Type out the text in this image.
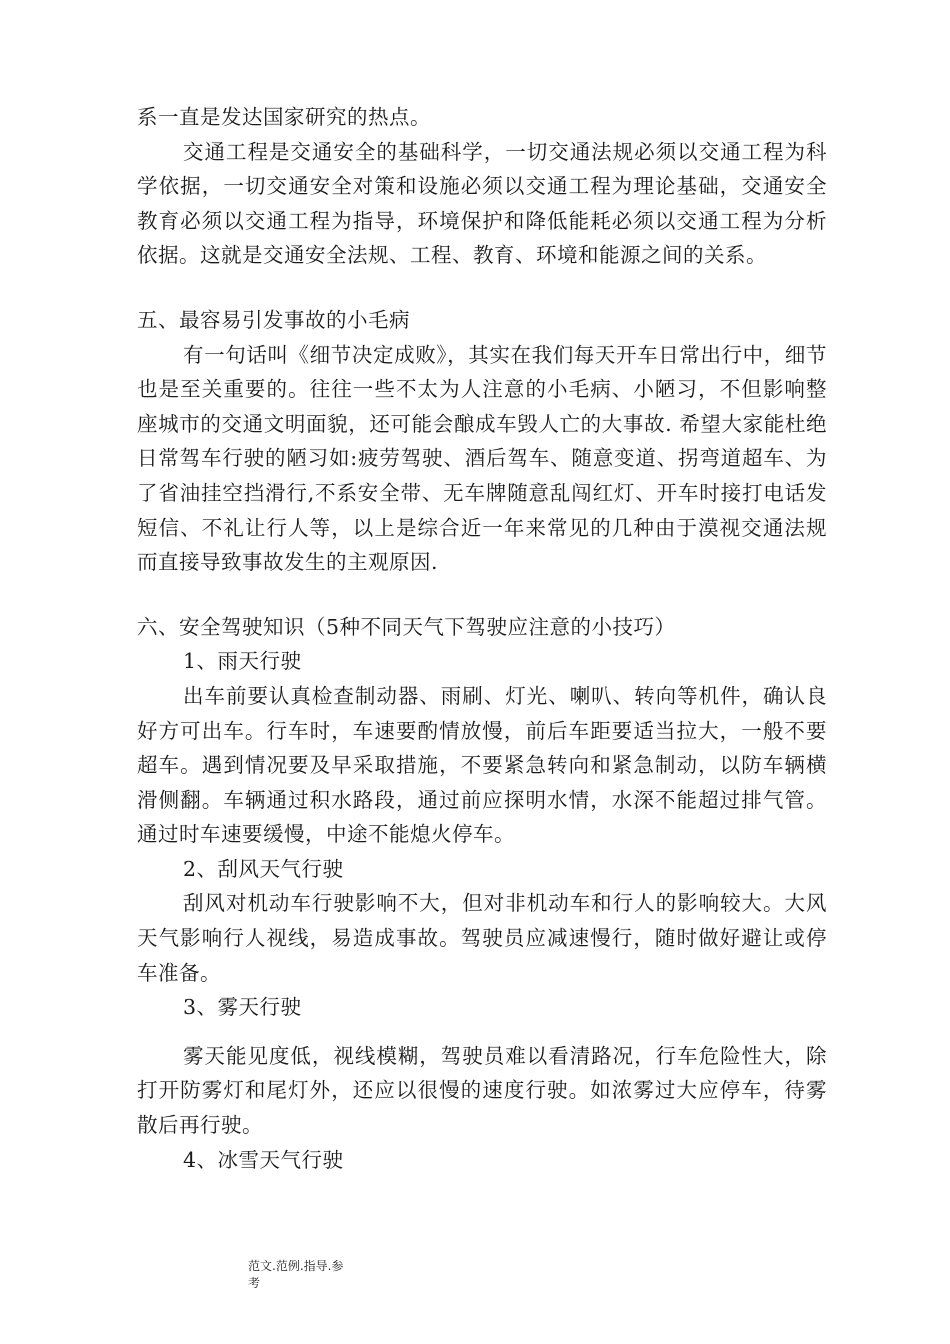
系一直是发达国家研究的热点。

交通工程是交通安全的基础科学，一切交通法规必须以交通工程为科学依据，一切交通安全对策和设施必须以交通工程为理论基础，交通安全教育必须以交通工程为指导，环境保护和降低能耗必须以交通工程为分析依据。这就是交通安全法规、工程、教育、环境和能源之间的关系。

五、最容易引发事故的小毛病

有一句话叫《细节决定成败》，其实在我们每天开车日常出行中，细节也是至关重要的。往往一些不太为人注意的小毛病、小陋习，不但影响整座城市的交通文明面貌，还可能会酿成车毁人亡的大事故. 希望大家能杜绝日常驾车行驶的陋习如:疲劳驾驶、酒后驾车、随意变道、拐弯道超车、为了省油挂空挡滑行,不系安全带、无车牌随意乱闯红灯、开车时接打电话发短信、不礼让行人等，以上是综合近一年来常见的几种由于漠视交通法规而直接导致事故发生的主观原因.

六、安全驾驶知识（5种不同天气下驾驶应注意的小技巧）

1、雨天行驶

出车前要认真检查制动器、雨刷、灯光、喇叭、转向等机件，确认良好方可出车。行车时，车速要酌情放慢，前后车距要适当拉大，一般不要超车。遇到情况要及早采取措施，不要紧急转向和紧急制动，以防车辆横滑侧翻。车辆通过积水路段，通过前应探明水情，水深不能超过排气管。通过时车速要缓慢，中途不能熄火停车。

2、刮风天气行驶

刮风对机动车行驶影响不大，但对非机动车和行人的影响较大。大风天气影响行人视线，易造成事故。驾驶员应减速慢行，随时做好避让或停车准备。

3、雾天行驶

雾天能见度低，视线模糊，驾驶员难以看清路况，行车危险性大，除打开防雾灯和尾灯外，还应以很慢的速度行驶。如浓雾过大应停车，待雾散后再行驶。

4、冰雪天气行驶

范文.范例.指导.参
考
